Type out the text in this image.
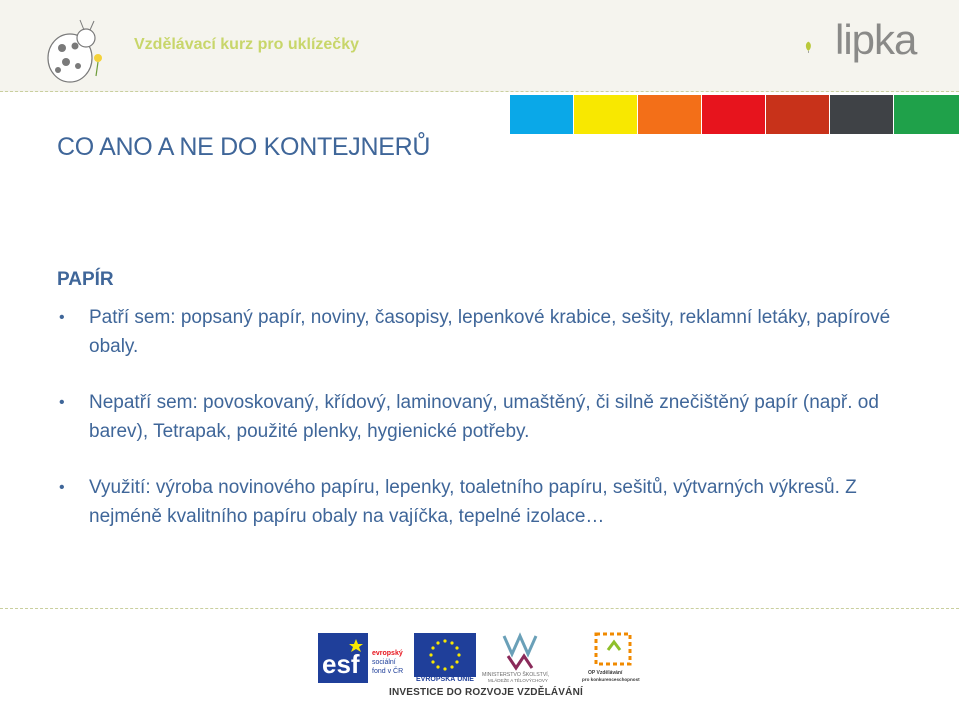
Vzdělávací kurz pro uklízečky	lipka
CO ANO A NE DO KONTEJNERŮ
PAPÍR
• Patří sem: popsaný papír, noviny, časopisy, lepenkové krabice, sešity, reklamní letáky, papírové obaly.
• Nepatří sem: povoskovaný, křídový, laminovaný, umaštěný, či silně znečištěný papír (např. od barev), Tetrapak, použité plenky, hygienické potřeby.
• Využití: výroba novinového papíru, lepenky, toaletního papíru, sešitů, výtvarných výkresů. Z nejméně kvalitního papíru obaly na vajíčka, tepelné izolace…
esf evropský
sociální
fond v ČR
EVROPSKÁ UNIE
MINISTERSTVO ŠKOLSTVÍ,
MLÁDEŽE A TĚLOVÝCHOVY
OP Vzdělávání
pro konkurenceschopnost
INVESTICE DO ROZVOJE VZDĚLÁVÁNÍ
